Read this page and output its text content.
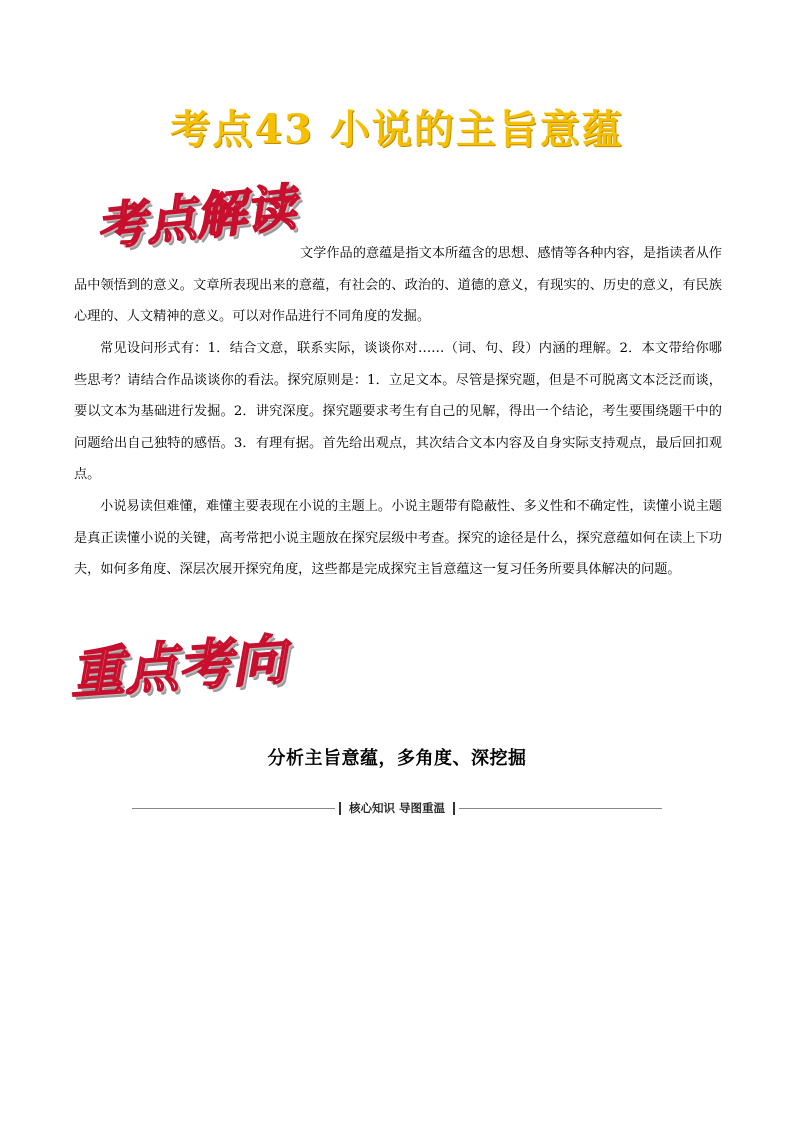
考点43 小说的主旨意蕴
考点解读 文学作品的意蕴是指文本所蕴含的思想、感情等各种内容，是指读者从作品中领悟到的意义。文章所表现出来的意蕴，有社会的、政治的、道德的意义，有现实的、历史的意义，有民族心理的、人文精神的意义。可以对作品进行不同角度的发掘。

常见设问形式有：1．结合文意，联系实际，谈谈你对……（词、句、段）内涵的理解。2．本文带给你哪些思考？请结合作品谈谈你的看法。探究原则是：1．立足文本。尽管是探究题，但是不可脱离文本泛泛而谈，要以文本为基础进行发掘。2．讲究深度。探究题要求考生有自己的见解，得出一个结论，考生要围绕题干中的问题给出自己独特的感悟。3．有理有据。首先给出观点，其次结合文本内容及自身实际支持观点，最后回扣观点。

小说易读但难懂，难懂主要表现在小说的主题上。小说主题带有隐蔽性、多义性和不确定性，读懂小说主题是真正读懂小说的关键，高考常把小说主题放在探究层级中考查。探究的途径是什么，探究意蕴如何在读上下功夫，如何多角度、深层次展开探究角度，这些都是完成探究主旨意蕴这一复习任务所要具体解决的问题。

重点考向
分析主旨意蕴，多角度、深挖掘
核心知识 导图重温
